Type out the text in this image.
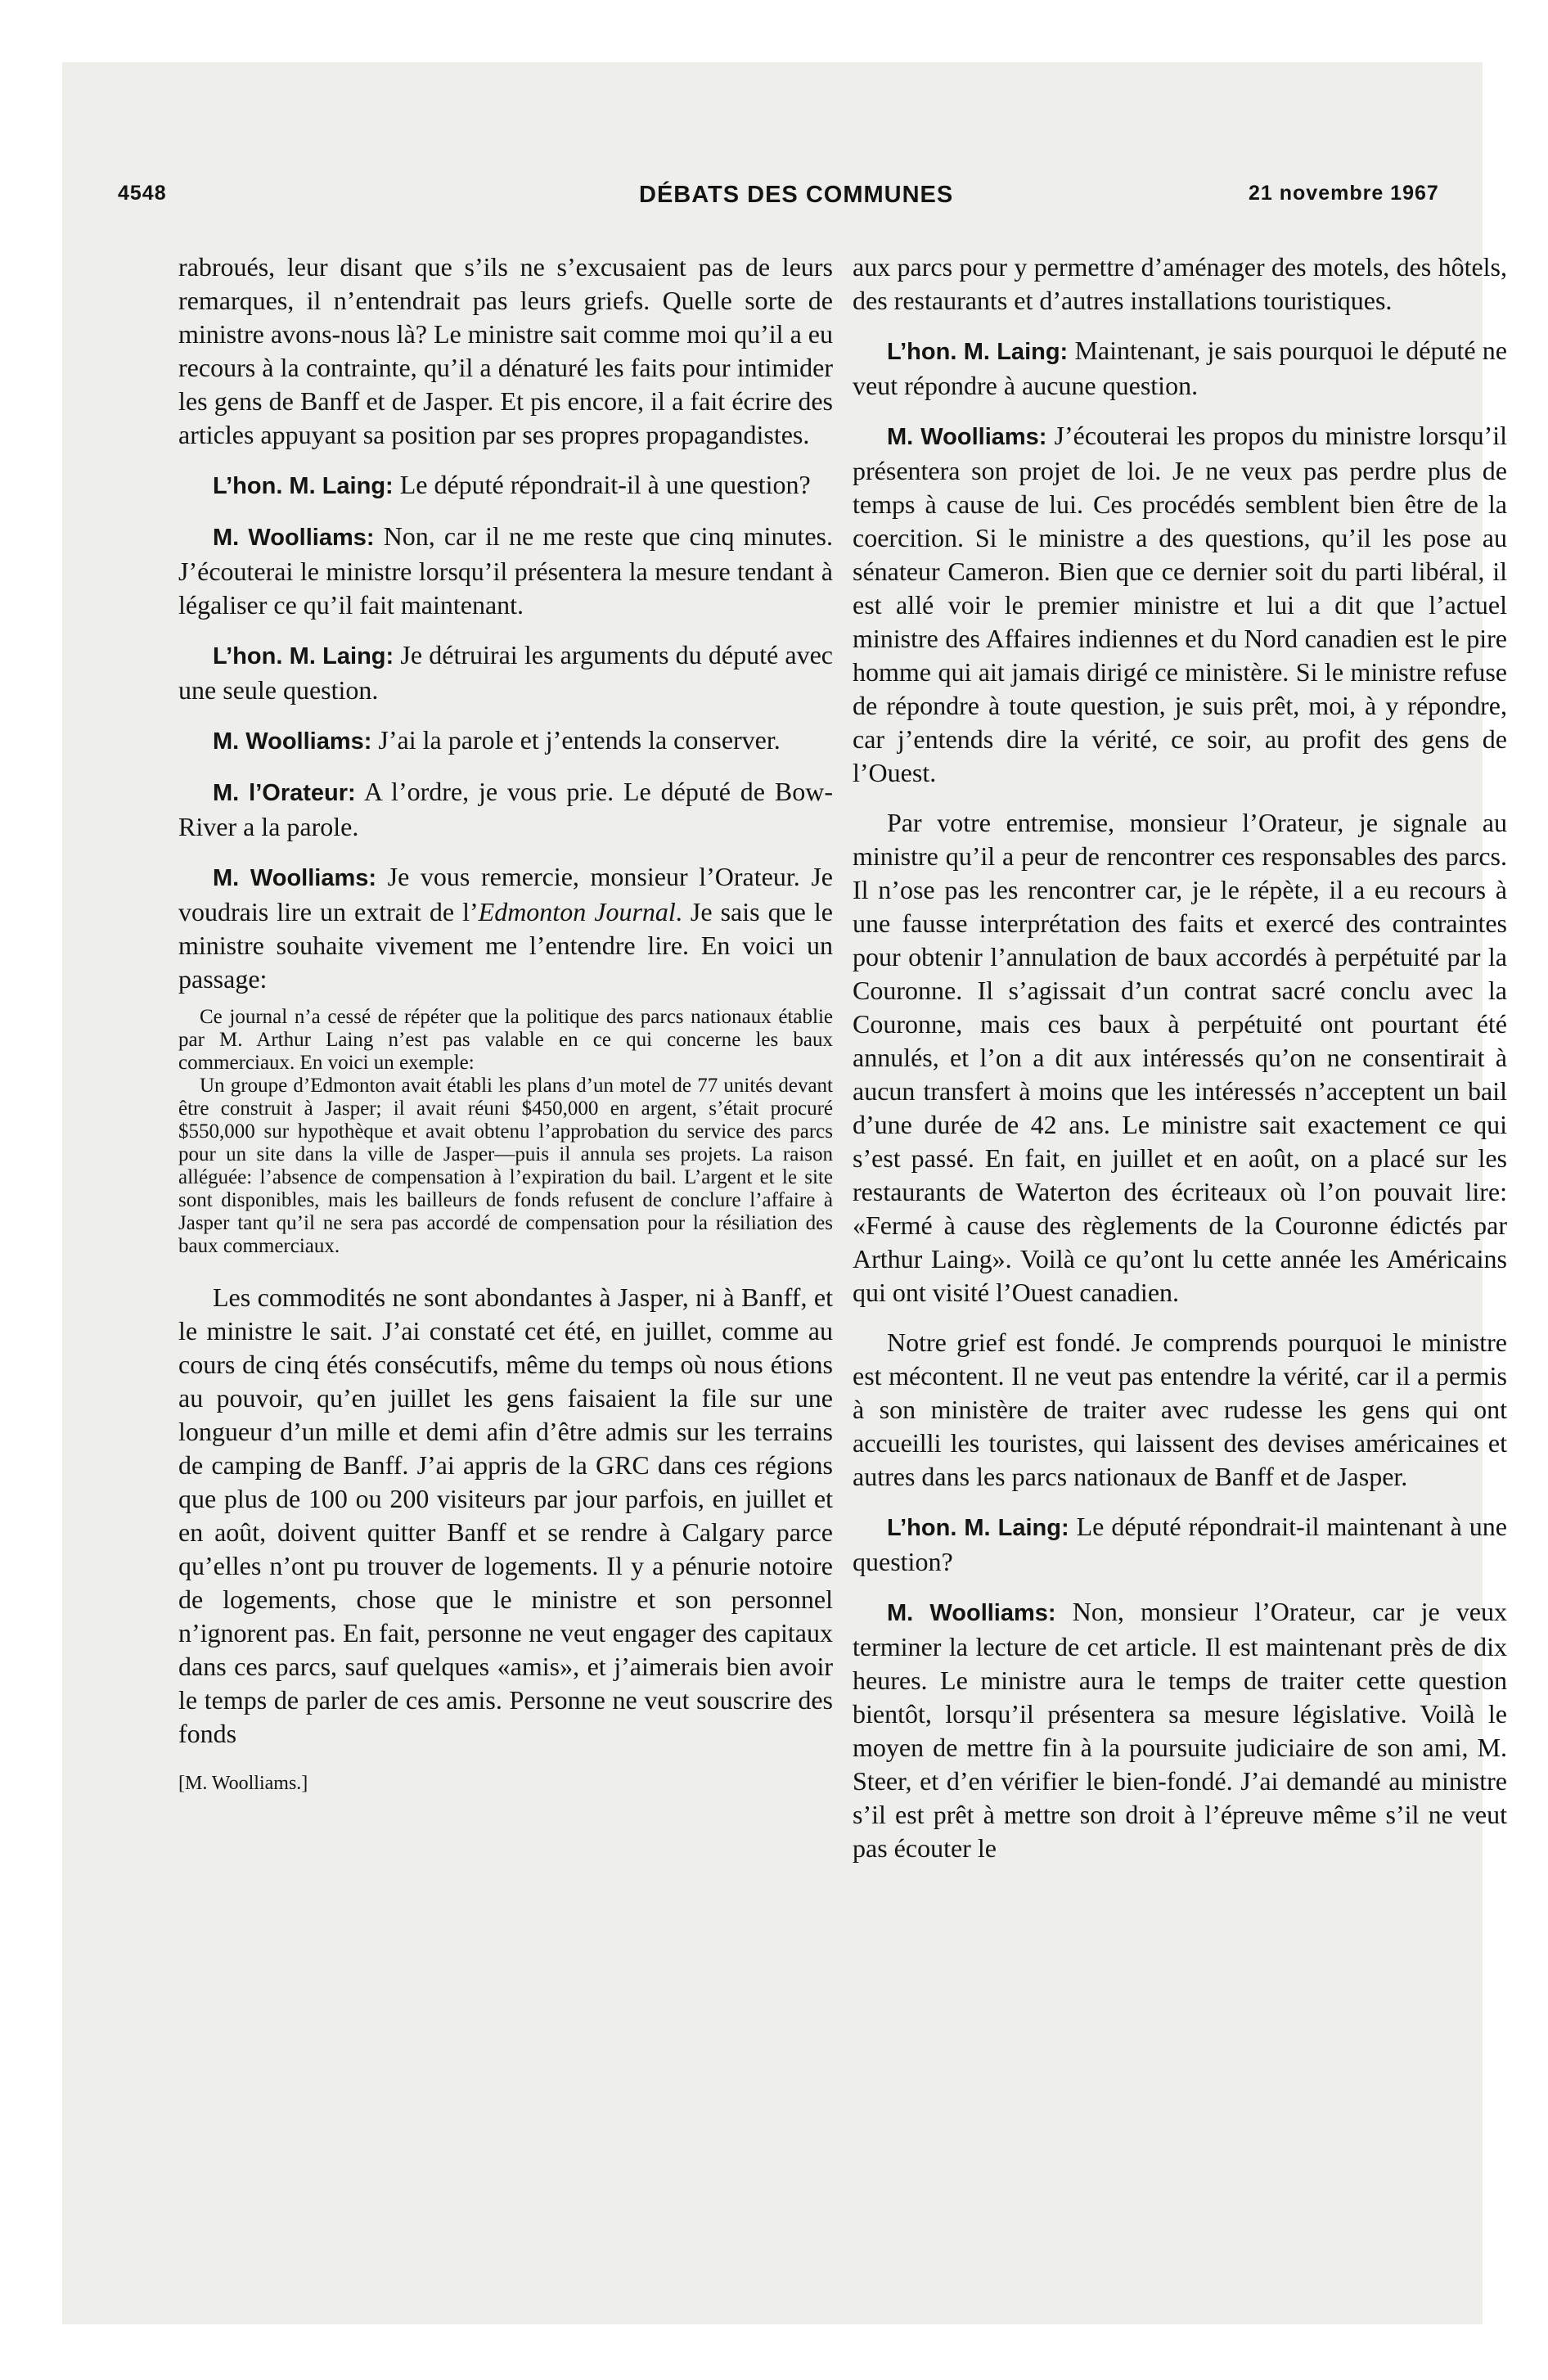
4548	DÉBATS DES COMMUNES	21 novembre 1967

rabroués, leur disant que s’ils ne s’excusaient pas de leurs remarques, il n’entendrait pas leurs griefs. Quelle sorte de ministre avons-nous là? Le ministre sait comme moi qu’il a eu recours à la contrainte, qu’il a dénaturé les faits pour intimider les gens de Banff et de Jasper. Et pis encore, il a fait écrire des articles appuyant sa position par ses propres propagandistes.

L’hon. M. Laing: Le député répondrait-il à une question?

M. Woolliams: Non, car il ne me reste que cinq minutes. J’écouterai le ministre lorsqu’il présentera la mesure tendant à légaliser ce qu’il fait maintenant.

L’hon. M. Laing: Je détruirai les arguments du député avec une seule question.

M. Woolliams: J’ai la parole et j’entends la conserver.

M. l’Orateur: A l’ordre, je vous prie. Le député de Bow-River a la parole.

M. Woolliams: Je vous remercie, monsieur l’Orateur. Je voudrais lire un extrait de l’Edmonton Journal. Je sais que le ministre souhaite vivement me l’entendre lire. En voici un passage:

Ce journal n’a cessé de répéter que la politique des parcs nationaux établie par M. Arthur Laing n’est pas valable en ce qui concerne les baux commerciaux. En voici un exemple:
Un groupe d’Edmonton avait établi les plans d’un motel de 77 unités devant être construit à Jasper; il avait réuni $450,000 en argent, s’était procuré $550,000 sur hypothèque et avait obtenu l’approbation du service des parcs pour un site dans la ville de Jasper—puis il annula ses projets. La raison alléguée: l’absence de compensation à l’expiration du bail. L’argent et le site sont disponibles, mais les bailleurs de fonds refusent de conclure l’affaire à Jasper tant qu’il ne sera pas accordé de compensation pour la résiliation des baux commerciaux.

Les commodités ne sont abondantes à Jasper, ni à Banff, et le ministre le sait. J’ai constaté cet été, en juillet, comme au cours de cinq étés consécutifs, même du temps où nous étions au pouvoir, qu’en juillet les gens faisaient la file sur une longueur d’un mille et demi afin d’être admis sur les terrains de camping de Banff. J’ai appris de la GRC dans ces régions que plus de 100 ou 200 visiteurs par jour parfois, en juillet et en août, doivent quitter Banff et se rendre à Calgary parce qu’elles n’ont pu trouver de logements. Il y a pénurie notoire de logements, chose que le ministre et son personnel n’ignorent pas. En fait, personne ne veut engager des capitaux dans ces parcs, sauf quelques «amis», et j’aimerais bien avoir le temps de parler de ces amis. Personne ne veut souscrire des fonds

[M. Woolliams.]

aux parcs pour y permettre d’aménager des motels, des hôtels, des restaurants et d’autres installations touristiques.

L’hon. M. Laing: Maintenant, je sais pourquoi le député ne veut répondre à aucune question.

M. Woolliams: J’écouterai les propos du ministre lorsqu’il présentera son projet de loi. Je ne veux pas perdre plus de temps à cause de lui. Ces procédés semblent bien être de la coercition. Si le ministre a des questions, qu’il les pose au sénateur Cameron. Bien que ce dernier soit du parti libéral, il est allé voir le premier ministre et lui a dit que l’actuel ministre des Affaires indiennes et du Nord canadien est le pire homme qui ait jamais dirigé ce ministère. Si le ministre refuse de répondre à toute question, je suis prêt, moi, à y répondre, car j’entends dire la vérité, ce soir, au profit des gens de l’Ouest.

Par votre entremise, monsieur l’Orateur, je signale au ministre qu’il a peur de rencontrer ces responsables des parcs. Il n’ose pas les rencontrer car, je le répète, il a eu recours à une fausse interprétation des faits et exercé des contraintes pour obtenir l’annulation de baux accordés à perpétuité par la Couronne. Il s’agissait d’un contrat sacré conclu avec la Couronne, mais ces baux à perpétuité ont pourtant été annulés, et l’on a dit aux intéressés qu’on ne consentirait à aucun transfert à moins que les intéressés n’acceptent un bail d’une durée de 42 ans. Le ministre sait exactement ce qui s’est passé. En fait, en juillet et en août, on a placé sur les restaurants de Waterton des écriteaux où l’on pouvait lire: «Fermé à cause des règlements de la Couronne édictés par Arthur Laing». Voilà ce qu’ont lu cette année les Américains qui ont visité l’Ouest canadien.

Notre grief est fondé. Je comprends pourquoi le ministre est mécontent. Il ne veut pas entendre la vérité, car il a permis à son ministère de traiter avec rudesse les gens qui ont accueilli les touristes, qui laissent des devises américaines et autres dans les parcs nationaux de Banff et de Jasper.

L’hon. M. Laing: Le député répondrait-il maintenant à une question?

M. Woolliams: Non, monsieur l’Orateur, car je veux terminer la lecture de cet article. Il est maintenant près de dix heures. Le ministre aura le temps de traiter cette question bientôt, lorsqu’il présentera sa mesure législative. Voilà le moyen de mettre fin à la poursuite judiciaire de son ami, M. Steer, et d’en vérifier le bien-fondé. J’ai demandé au ministre s’il est prêt à mettre son droit à l’épreuve même s’il ne veut pas écouter le
